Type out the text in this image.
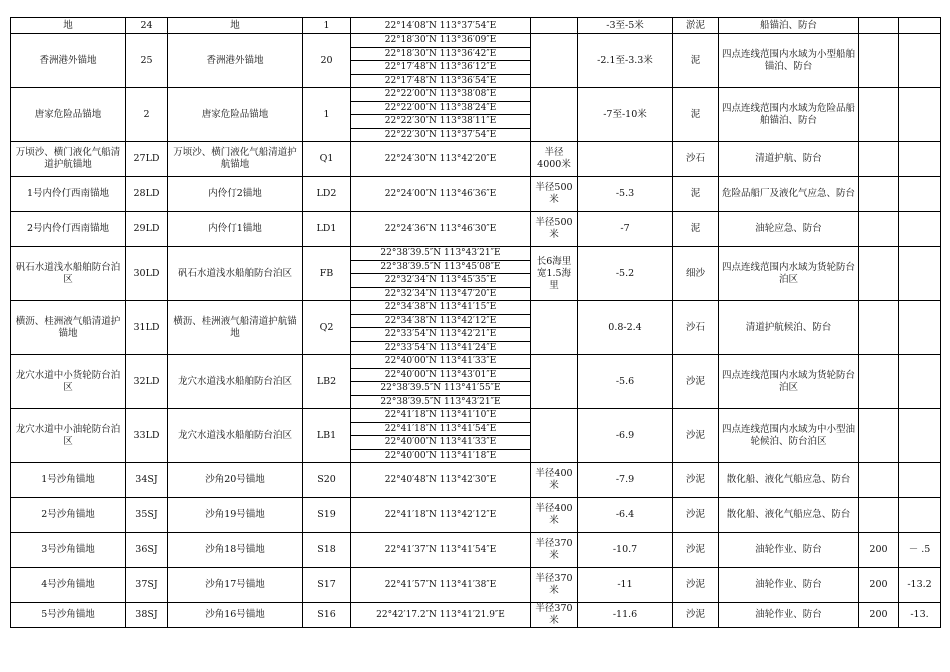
地	24	地	1	22°14′08″N 113°37′54″E		-3至-5米	淤泥	船锚泊、防台		
香洲港外锚地	25	香洲港外锚地	20	22°18′30″N 113°36′09″E		-2.1至-3.3米	泥	四点连线范围内水域为小型船舶锚泊、防台		
				22°18′30″N 113°36′42″E						
				22°17′48″N 113°36′12″E						
				22°17′48″N 113°36′54″E						
唐家危险品锚地	2	唐家危险品锚地	1	22°22′00″N 113°38′08″E		-7至-10米	泥	四点连线范围内水域为危险品船舶锚泊、防台		
				22°22′00″N 113°38′24″E						
				22°22′30″N 113°38′11″E						
				22°22′30″N 113°37′54″E						
万顷沙、横门液化气船清道护航锚地	27LD	万顷沙、横门液化气船清道护航锚地	Q1	22°24′30″N 113°42′20″E	半径4000米		沙石	清道护航、防台		
1号内伶仃西南锚地	28LD	内伶仃2锚地	LD2	22°24′00″N 113°46′36″E	半径500米	-5.3	泥	危险品船厂及液化气应急、防台		
2号内伶仃西南锚地	29LD	内伶仃1锚地	LD1	22°24′36″N 113°46′30″E	半径500米	-7	泥	油轮应急、防台		
矾石水道浅水船舶防台泊区	30LD	矾石水道浅水船舶防台泊区	FB	22°38′39.5″N 113°43′21″E	长6海里宽1.5海里	-5.2	细沙	四点连线范围内水域为货轮防台泊区		
				22°38′39.5″N 113°45′08″E						
				22°32′34″N 113°45′35″E						
				22°32′34″N 113°47′20″E						
横沥、桂洲液气船清道护锚地	31LD	横沥、桂洲液气船清道护航锚地	Q2	22°34′38″N 113°41′15″E		0.8-2.4	沙石	清道护航候泊、防台		
				22°34′38″N 113°42′12″E						
				22°33′54″N 113°42′21″E						
				22°33′54″N 113°41′24″E						
龙穴水道中小货轮防台泊区	32LD	龙穴水道浅水船舶防台泊区	LB2	22°40′00″N 113°41′33″E		-5.6	沙泥	四点连线范围内水域为货轮防台泊区		
				22°40′00″N 113°43′01″E						
				22°38′39.5″N 113°41′55″E						
				22°38′39.5″N 113°43′21″E						
龙穴水道中小油轮防台泊区	33LD	龙穴水道浅水船舶防台泊区	LB1	22°41′18″N 113°41′10″E		-6.9	沙泥	四点连线范围内水域为中小型油轮候泊、防台泊区		
				22°41′18″N 113°41′54″E						
				22°40′00″N 113°41′33″E						
				22°40′00″N 113°41′18″E						
1号沙角锚地	34SJ	沙角20号锚地	S20	22°40′48″N 113°42′30″E	半径400米	-7.9	沙泥	散化船、液化气船应急、防台		
2号沙角锚地	35SJ	沙角19号锚地	S19	22°41′18″N 113°42′12″E	半径400米	-6.4	沙泥	散化船、液化气船应急、防台		
3号沙角锚地	36SJ	沙角18号锚地	S18	22°41′37″N 113°41′54″E	半径370米	-10.7	沙泥	油轮作业、防台	200	－ .5
4号沙角锚地	37SJ	沙角17号锚地	S17	22°41′57″N 113°41′38″E	半径370米	-11	沙泥	油轮作业、防台	200	-13.2
5号沙角锚地	38SJ	沙角16号锚地	S16	22°42′17.2″N 113°41′21.9″E	半径370米	-11.6	沙泥	油轮作业、防台	200	-13.
